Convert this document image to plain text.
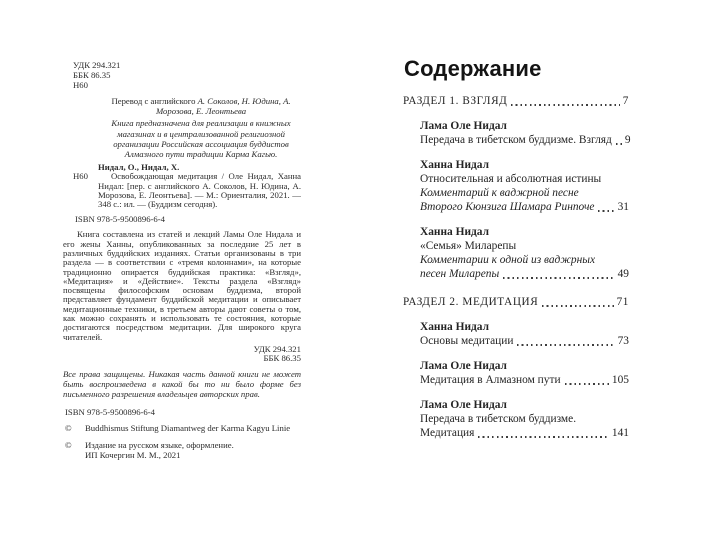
УДК 294.321
ББК 86.35
Н60

Перевод с английского А. Соколов, Н. Юдина, А. Морозова, Е. Леонтьева

Книга предназначена для реализации в книжных магазинах и в централизованной религиозной организации Российская ассоциация буддистов Алмазного пути традиции Карма Кагью.

Нидал, О., Нидал, Х.
Н60	Освобождающая медитация / Оле Нидал, Ханна Нидал: [пер. с английского А. Соколов, Н. Юдина, А. Морозова, Е. Леонтьева]. — М.: Ориенталия, 2021. — 348 с.: ил. — (Буддизм сегодня).

ISBN 978-5-9500896-6-4

Книга составлена из статей и лекций Ламы Оле Нидала и его жены Ханны, опубликованных за последние 25 лет в различных буддийских изданиях. Статьи организованы в три раздела — в соответствии с «тремя колоннами», на которые традиционно опирается буддийская практика: «Взгляд», «Медитация» и «Действие». Тексты раздела «Взгляд» посвящены философским основам буддизма, второй представляет фундамент буддийской медитации и описывает медитационные техники, в третьем авторы дают советы о том, как можно сохранять и использовать те состояния, которые достигаются посредством медитации. Для широкого круга читателей.

УДК 294.321
ББК 86.35

Все права защищены. Никакая часть данной книги не может быть воспроизведена в какой бы то ни было форме без письменного разрешения владельцев авторских прав.

ISBN 978-5-9500896-6-4
©	Buddhismus Stiftung Diamantweg der Karma Kagyu Linie
©	Издание на русском языке, оформление.
ИП Кочергин М. М., 2021
Содержание
РАЗДЕЛ 1. ВЗГЛЯД	7
Лама Оле Нидал
Передача в тибетском буддизме. Взгляд 9
Ханна Нидал
Относительная и абсолютная истины
Комментарий к ваджрной песне
Второго Кюнзига Шамара Ринпоче 31
Ханна Нидал
«Семья» Миларепы
Комментарии к одной из ваджрных
песен Миларепы	49
РАЗДЕЛ 2. МЕДИТАЦИЯ	71
Ханна Нидал
Основы медитации	73
Лама Оле Нидал
Медитация в Алмазном пути	105
Лама Оле Нидал
Передача в тибетском буддизме.
Медитация	141
